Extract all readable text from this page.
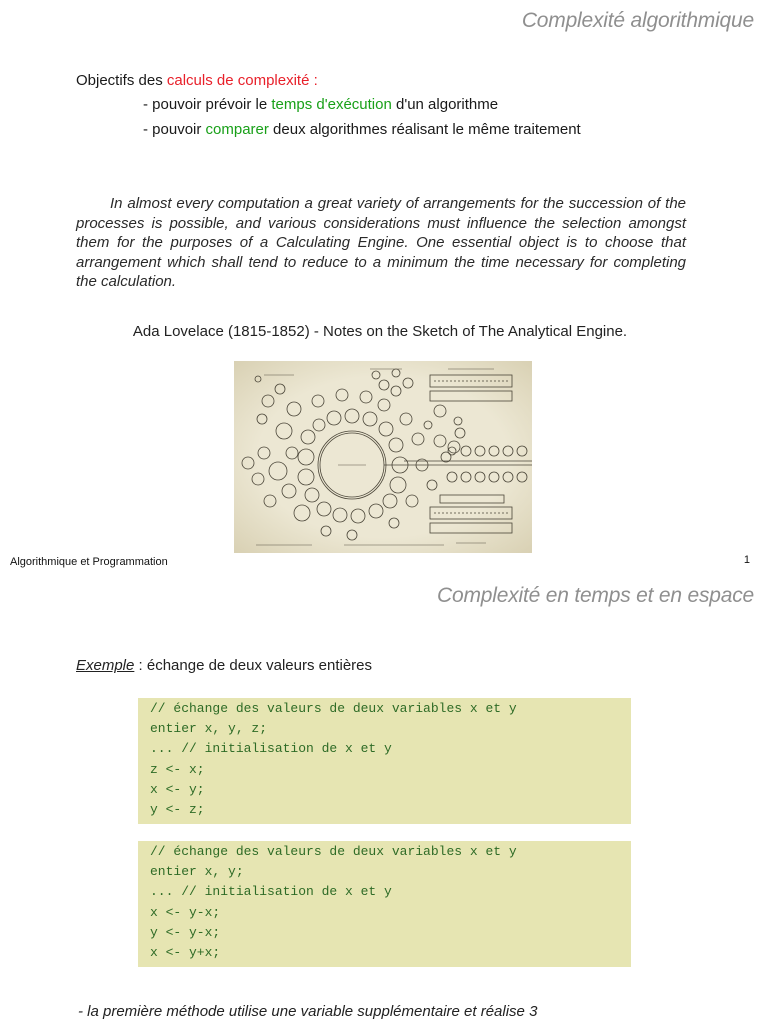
Complexité algorithmique
Objectifs des calculs de complexité :
- pouvoir prévoir le temps d'exécution d'un algorithme
- pouvoir comparer deux algorithmes réalisant le même traitement
In almost every computation a great variety of arrangements for the succession of the processes is possible, and various considerations must influence the selection amongst them for the purposes of a Calculating Engine. One essential object is to choose that arrangement which shall tend to reduce to a minimum the time necessary for completing the calculation.
Ada Lovelace (1815-1852) - Notes on the Sketch of The Analytical Engine.
Algorithmique et Programmation	1
Complexité en temps et en espace
Exemple : échange de deux valeurs entières
// échange des valeurs de deux variables x et y
entier x, y, z;
... // initialisation de x et y
z <- x;
x <- y;
y <- z;
// échange des valeurs de deux variables x et y
entier x, y;
... // initialisation de x et y
x <- y-x;
y <- y-x;
x <- y+x;
- la première méthode utilise une variable supplémentaire et réalise 3
